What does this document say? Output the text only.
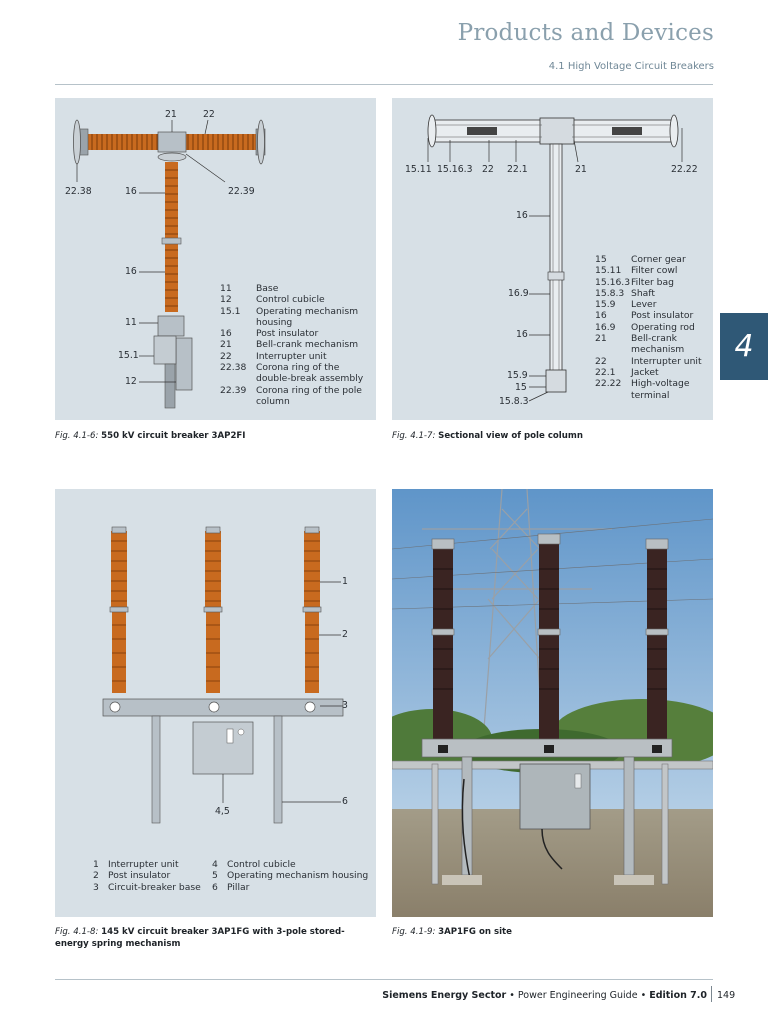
Products and Devices
4.1 High Voltage Circuit Breakers
4
21	22
22.38	22.39
16
16
11
15.1
12
11	Base
12	Control cubicle
15.1	Operating mechanism housing
16	Post insulator
21	Bell-crank mechanism
22	Interrupter unit
22.38	Corona ring of the double-break assembly
22.39	Corona ring of the pole column
Fig. 4.1-6: 550 kV circuit breaker 3AP2FI
15.11 15.16.3 22 22.1	21	22.22
16
16.9
16
15.9
15
15.8.3
15	Corner gear
15.11	Filter cowl
15.16.3	Filter bag
15.8.3	Shaft
15.9	Lever
16	Post insulator
16.9	Operating rod
21	Bell-crank mechanism
22	Interrupter unit
22.1	Jacket
22.22	High-voltage terminal
Fig. 4.1-7: Sectional view of pole column
1
2
3
4,5
6
1	Interrupter unit
2	Post insulator
3	Circuit-breaker base
4	Control cubicle
5	Operating mechanism housing
6	Pillar
Fig. 4.1-8: 145 kV circuit breaker 3AP1FG with 3-pole stored-energy spring mechanism
Fig. 4.1-9: 3AP1FG on site
Siemens Energy Sector • Power Engineering Guide • Edition 7.0 149
